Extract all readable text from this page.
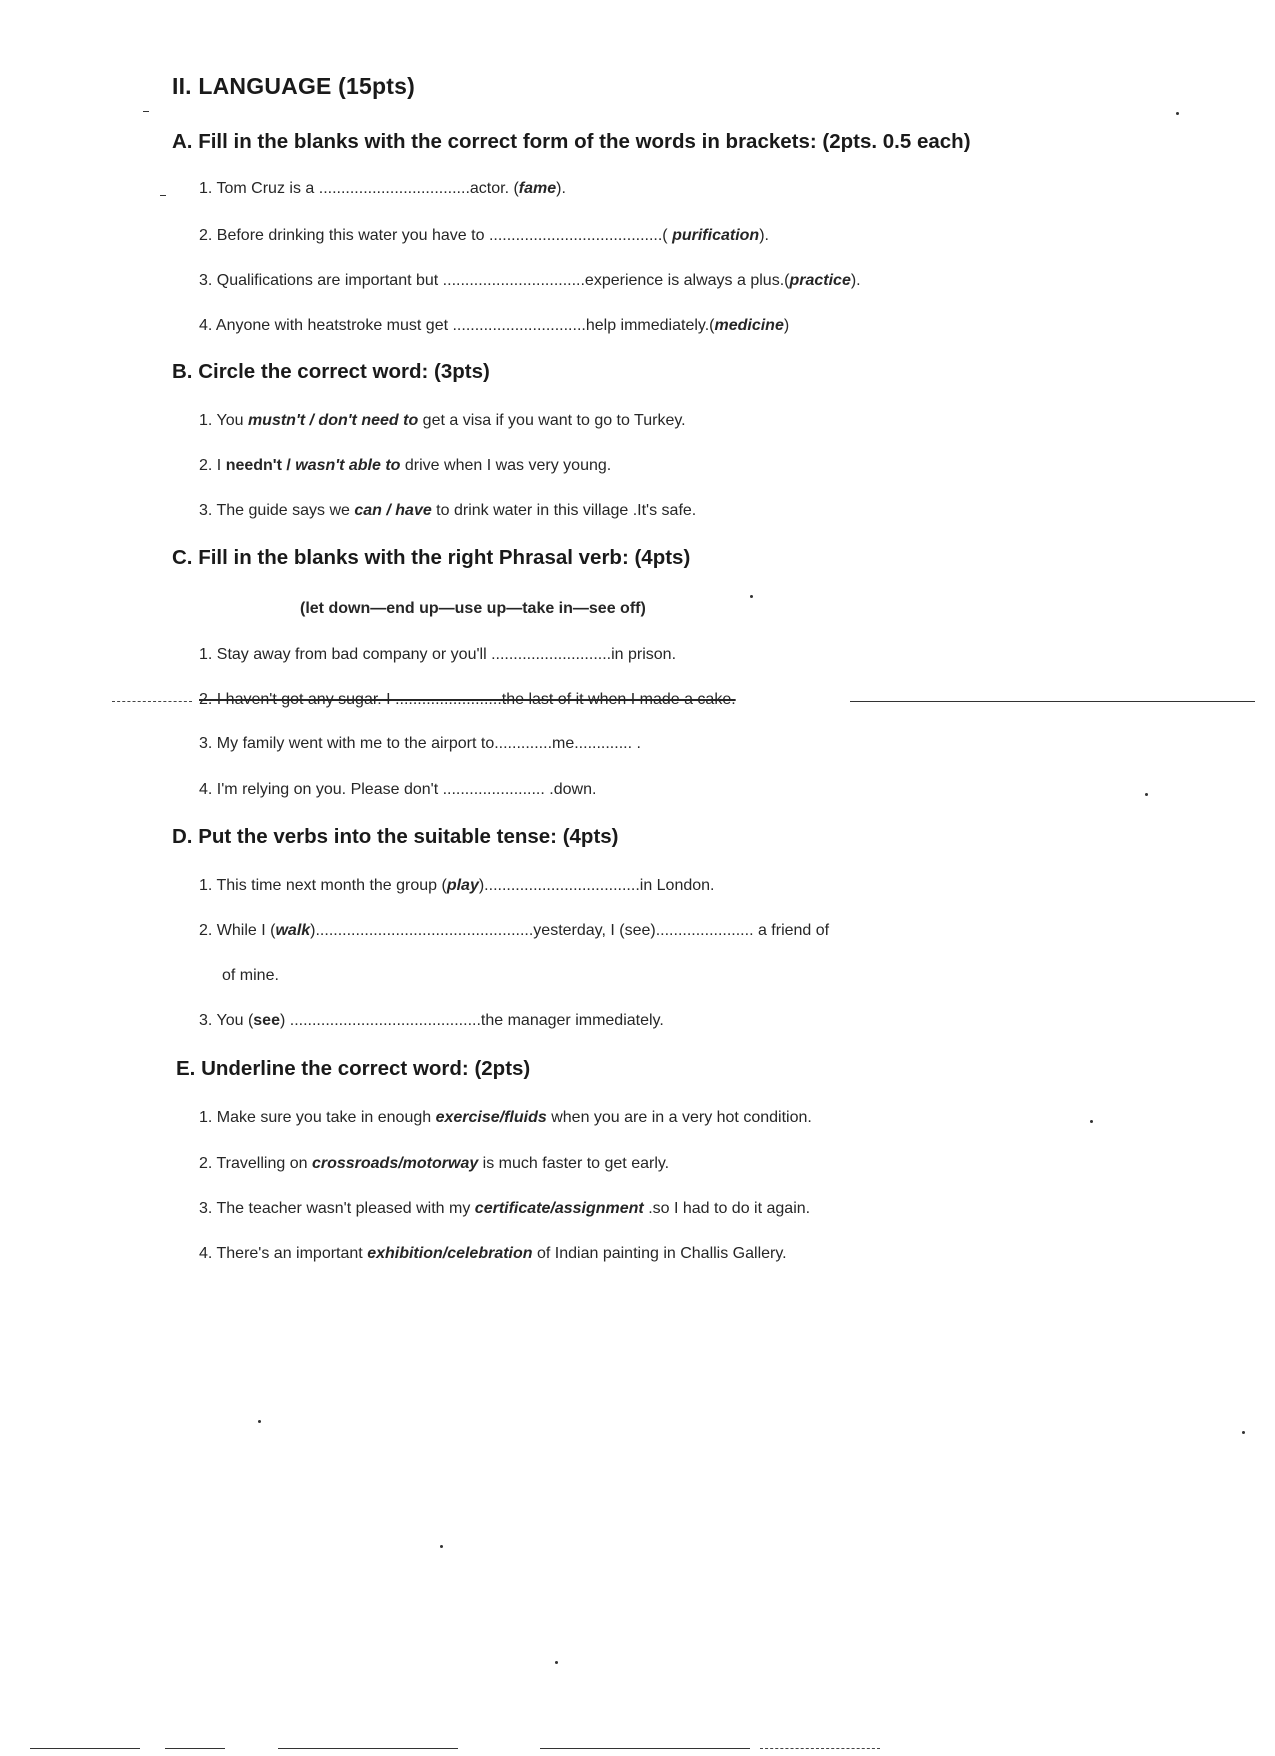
II. LANGUAGE (15pts)
A. Fill in the blanks with the correct form of the words in brackets: (2pts. 0.5 each)
1. Tom Cruz is a ..................................actor. (fame).
2. Before drinking this water you have to .......................................( purification).
3. Qualifications are important but ................................experience is always a plus.(practice).
4. Anyone with heatstroke must get ..............................help immediately.(medicine)
B. Circle the correct word: (3pts)
1. You mustn't / don't need to get a visa if you want to go to Turkey.
2. I needn't / wasn't able to drive when I was very young.
3. The guide says we can / have to drink water in this village .It's safe.
C. Fill in the blanks with the right Phrasal verb: (4pts)
(let down—end up—use up—take in—see off)
1. Stay away from bad company or you'll ...........................in prison.
2. I haven't got any sugar. I ........................the last of it when I made a cake.
3. My family went with me to the airport to.............me............. .
4. I'm relying on you. Please don't ....................... .down.
D. Put the verbs into the suitable tense: (4pts)
1. This time next month the group (play)...................................in London.
2. While I (walk).................................................yesterday, I (see)...................... a friend of
of mine.
3. You (see) ...........................................the manager immediately.
E. Underline the correct word: (2pts)
1. Make sure you take in enough exercise/fluids when you are in a very hot condition.
2. Travelling on crossroads/motorway is much faster to get early.
3. The teacher wasn't pleased with my certificate/assignment .so I had to do it again.
4. There's an important exhibition/celebration of Indian painting in Challis Gallery.
